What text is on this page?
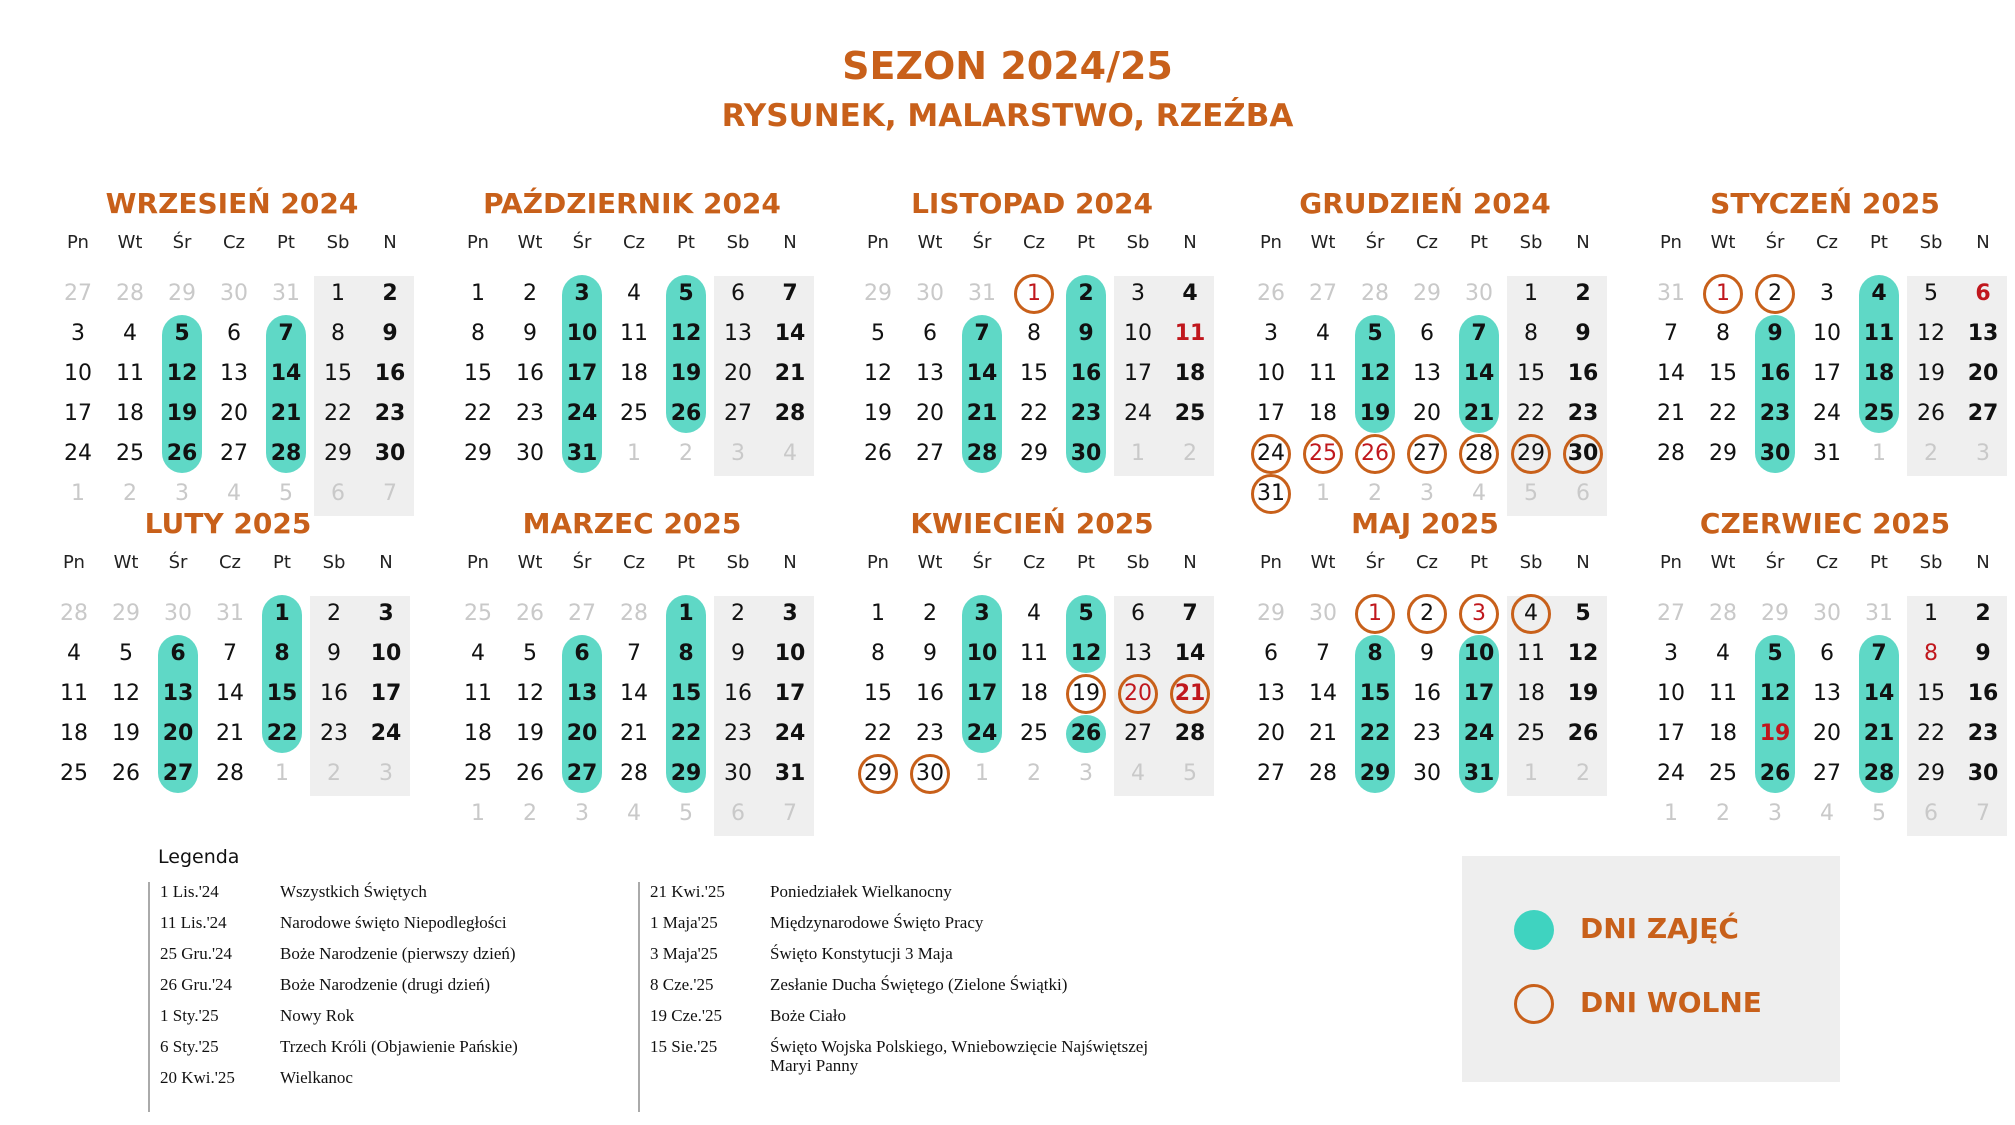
SEZON 2024/25
RYSUNEK, MALARSTWO, RZEŹBA
WRZESIEŃ 2024
Pn	Wt	Śr	Cz	Pt	Sb	N
27	28	29	30	31	1	2
3	4	5	6	7	8	9
10	11	12	13	14	15	16
17	18	19	20	21	22	23
24	25	26	27	28	29	30
1	2	3	4	5	6	7
PAŹDZIERNIK 2024
Pn	Wt	Śr	Cz	Pt	Sb	N
1	2	3	4	5	6	7
8	9	10	11	12	13	14
15	16	17	18	19	20	21
22	23	24	25	26	27	28
29	30	31	1	2	3	4
LISTOPAD 2024
Pn	Wt	Śr	Cz	Pt	Sb	N
29	30	31	1	2	3	4
5	6	7	8	9	10	11
12	13	14	15	16	17	18
19	20	21	22	23	24	25
26	27	28	29	30	1	2
GRUDZIEŃ 2024
Pn	Wt	Śr	Cz	Pt	Sb	N
26	27	28	29	30	1	2
3	4	5	6	7	8	9
10	11	12	13	14	15	16
17	18	19	20	21	22	23
24	25	26	27	28	29	30
31	1	2	3	4	5	6
STYCZEŃ 2025
Pn	Wt	Śr	Cz	Pt	Sb	N
31	1	2	3	4	5	6
7	8	9	10	11	12	13
14	15	16	17	18	19	20
21	22	23	24	25	26	27
28	29	30	31	1	2	3
LUTY 2025
Pn	Wt	Śr	Cz	Pt	Sb	N
28	29	30	31	1	2	3
4	5	6	7	8	9	10
11	12	13	14	15	16	17
18	19	20	21	22	23	24
25	26	27	28	1	2	3
MARZEC 2025
Pn	Wt	Śr	Cz	Pt	Sb	N
25	26	27	28	1	2	3
4	5	6	7	8	9	10
11	12	13	14	15	16	17
18	19	20	21	22	23	24
25	26	27	28	29	30	31
1	2	3	4	5	6	7
KWIECIEŃ 2025
Pn	Wt	Śr	Cz	Pt	Sb	N
1	2	3	4	5	6	7
8	9	10	11	12	13	14
15	16	17	18	19	20	21
22	23	24	25	26	27	28
29	30	1	2	3	4	5
MAJ 2025
Pn	Wt	Śr	Cz	Pt	Sb	N
29	30	1	2	3	4	5
6	7	8	9	10	11	12
13	14	15	16	17	18	19
20	21	22	23	24	25	26
27	28	29	30	31	1	2
CZERWIEC 2025
Pn	Wt	Śr	Cz	Pt	Sb	N
27	28	29	30	31	1	2
3	4	5	6	7	8	9
10	11	12	13	14	15	16
17	18	19	20	21	22	23
24	25	26	27	28	29	30
1	2	3	4	5	6	7
Legenda
1 Lis.'24	Wszystkich Świętych
11 Lis.'24	Narodowe święto Niepodległości
25 Gru.'24	Boże Narodzenie (pierwszy dzień)
26 Gru.'24	Boże Narodzenie (drugi dzień)
1 Sty.'25	Nowy Rok
6 Sty.'25	Trzech Króli (Objawienie Pańskie)
20 Kwi.'25	Wielkanoc
21 Kwi.'25	Poniedziałek Wielkanocny
1 Maja'25	Międzynarodowe Święto Pracy
3 Maja'25	Święto Konstytucji 3 Maja
8 Cze.'25	Zesłanie Ducha Świętego (Zielone Świątki)
19 Cze.'25	Boże Ciało
15 Sie.'25	Święto Wojska Polskiego, Wniebowzięcie Najświętszej Maryi Panny
DNI ZAJĘĆ
DNI WOLNE
